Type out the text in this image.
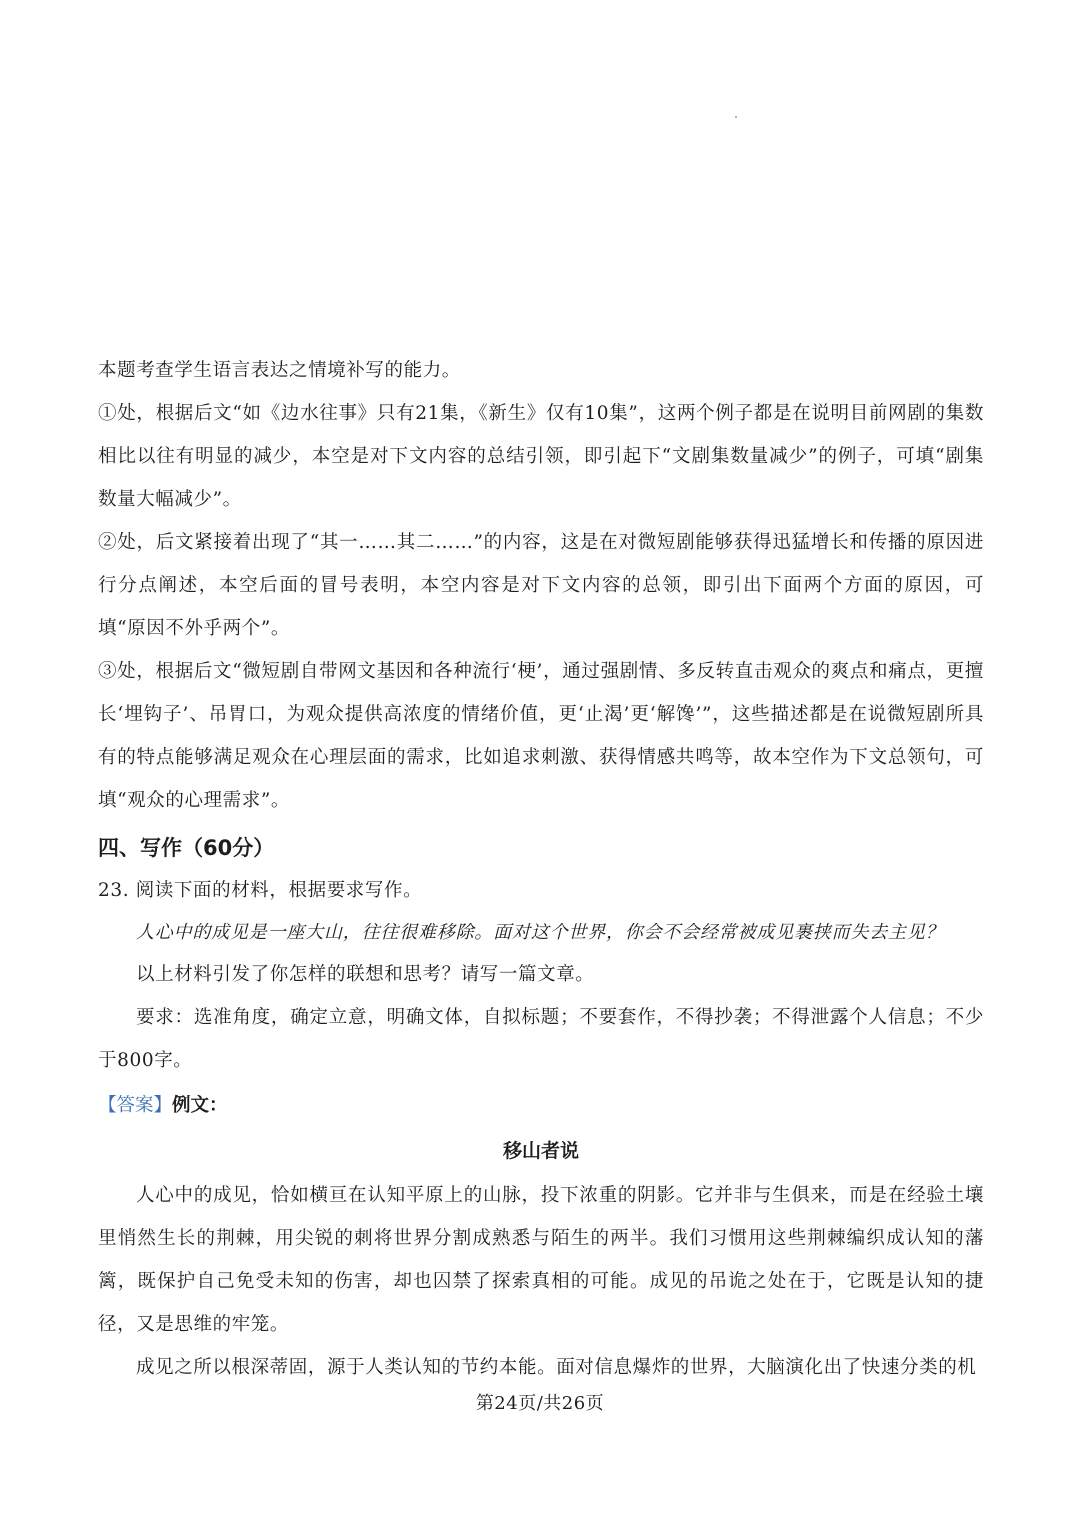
本题考查学生语言表达之情境补写的能力。

①处，根据后文“如《边水往事》只有21集，《新生》仅有10集”，这两个例子都是在说明目前网剧的集数相比以往有明显的减少，本空是对下文内容的总结引领，即引起下“文剧集数量减少”的例子，可填“剧集数量大幅减少”。

②处，后文紧接着出现了“其一……其二……”的内容，这是在对微短剧能够获得迅猛增长和传播的原因进行分点阐述，本空后面的冒号表明，本空内容是对下文内容的总领，即引出下面两个方面的原因，可填“原因不外乎两个”。

③处，根据后文“微短剧自带网文基因和各种流行‘梗’，通过强剧情、多反转直击观众的爽点和痛点，更擅长‘埋钩子’、吊胃口，为观众提供高浓度的情绪价值，更‘止渴’更‘解馋’”，这些描述都是在说微短剧所具有的特点能够满足观众在心理层面的需求，比如追求刺激、获得情感共鸣等，故本空作为下文总领句，可填“观众的心理需求”。

四、写作（60分）

23. 阅读下面的材料，根据要求写作。

人心中的成见是一座大山，往往很难移除。面对这个世界，你会不会经常被成见裹挟而失去主见？

以上材料引发了你怎样的联想和思考？请写一篇文章。

要求：选准角度，确定立意，明确文体，自拟标题；不要套作，不得抄袭；不得泄露个人信息；不少于800字。

【答案】例文：

移山者说

人心中的成见，恰如横亘在认知平原上的山脉，投下浓重的阴影。它并非与生俱来，而是在经验土壤里悄然生长的荆棘，用尖锐的刺将世界分割成熟悉与陌生的两半。我们习惯用这些荆棘编织成认知的藩篱，既保护自己免受未知的伤害，却也囚禁了探索真相的可能。成见的吊诡之处在于，它既是认知的捷径，又是思维的牢笼。

成见之所以根深蒂固，源于人类认知的节约本能。面对信息爆炸的世界，大脑演化出了快速分类的机

第24页/共26页
